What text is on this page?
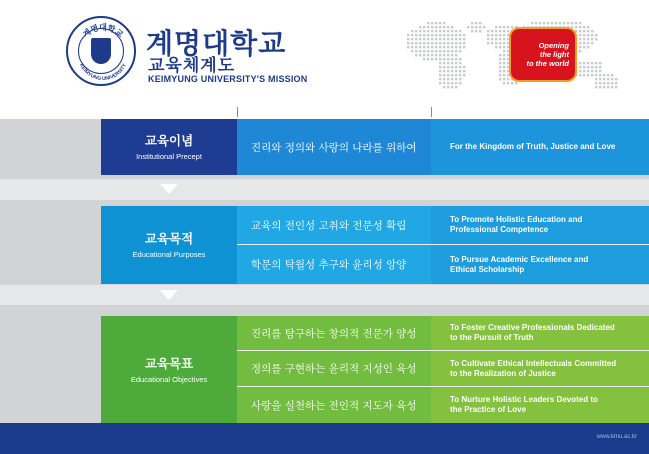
계명대학교
KEIMYUNG UNIVERSITY
계명대학교
교육체계도
KEIMYUNG UNIVERSITY'S MISSION
Opening
the light
to the world
교육이념
Institutional Precept
진리와 정의와 사랑의 나라를 위하여	For the Kingdom of Truth, Justice and Love
교육목적
Educational Purposes
교육의 전인성 고취와 전문성 확립
학문의 탁월성 추구와 윤리성 앙양
To Promote Holistic Education and Professional Competence
To Pursue Academic Excellence and Ethical Scholarship
교육목표
Educational Objectives
진리를 탐구하는 창의적 전문가 양성
정의를 구현하는 윤리적 지성인 육성
사랑을 실천하는 전인적 지도자 육성
To Foster Creative Professionals Dedicated to the Pursuit of Truth
To Cultivate Ethical Intellectuals Committed to the Realization of Justice
To Nurture Holistic Leaders Devoted to the Practice of Love
www.kmu.ac.kr
